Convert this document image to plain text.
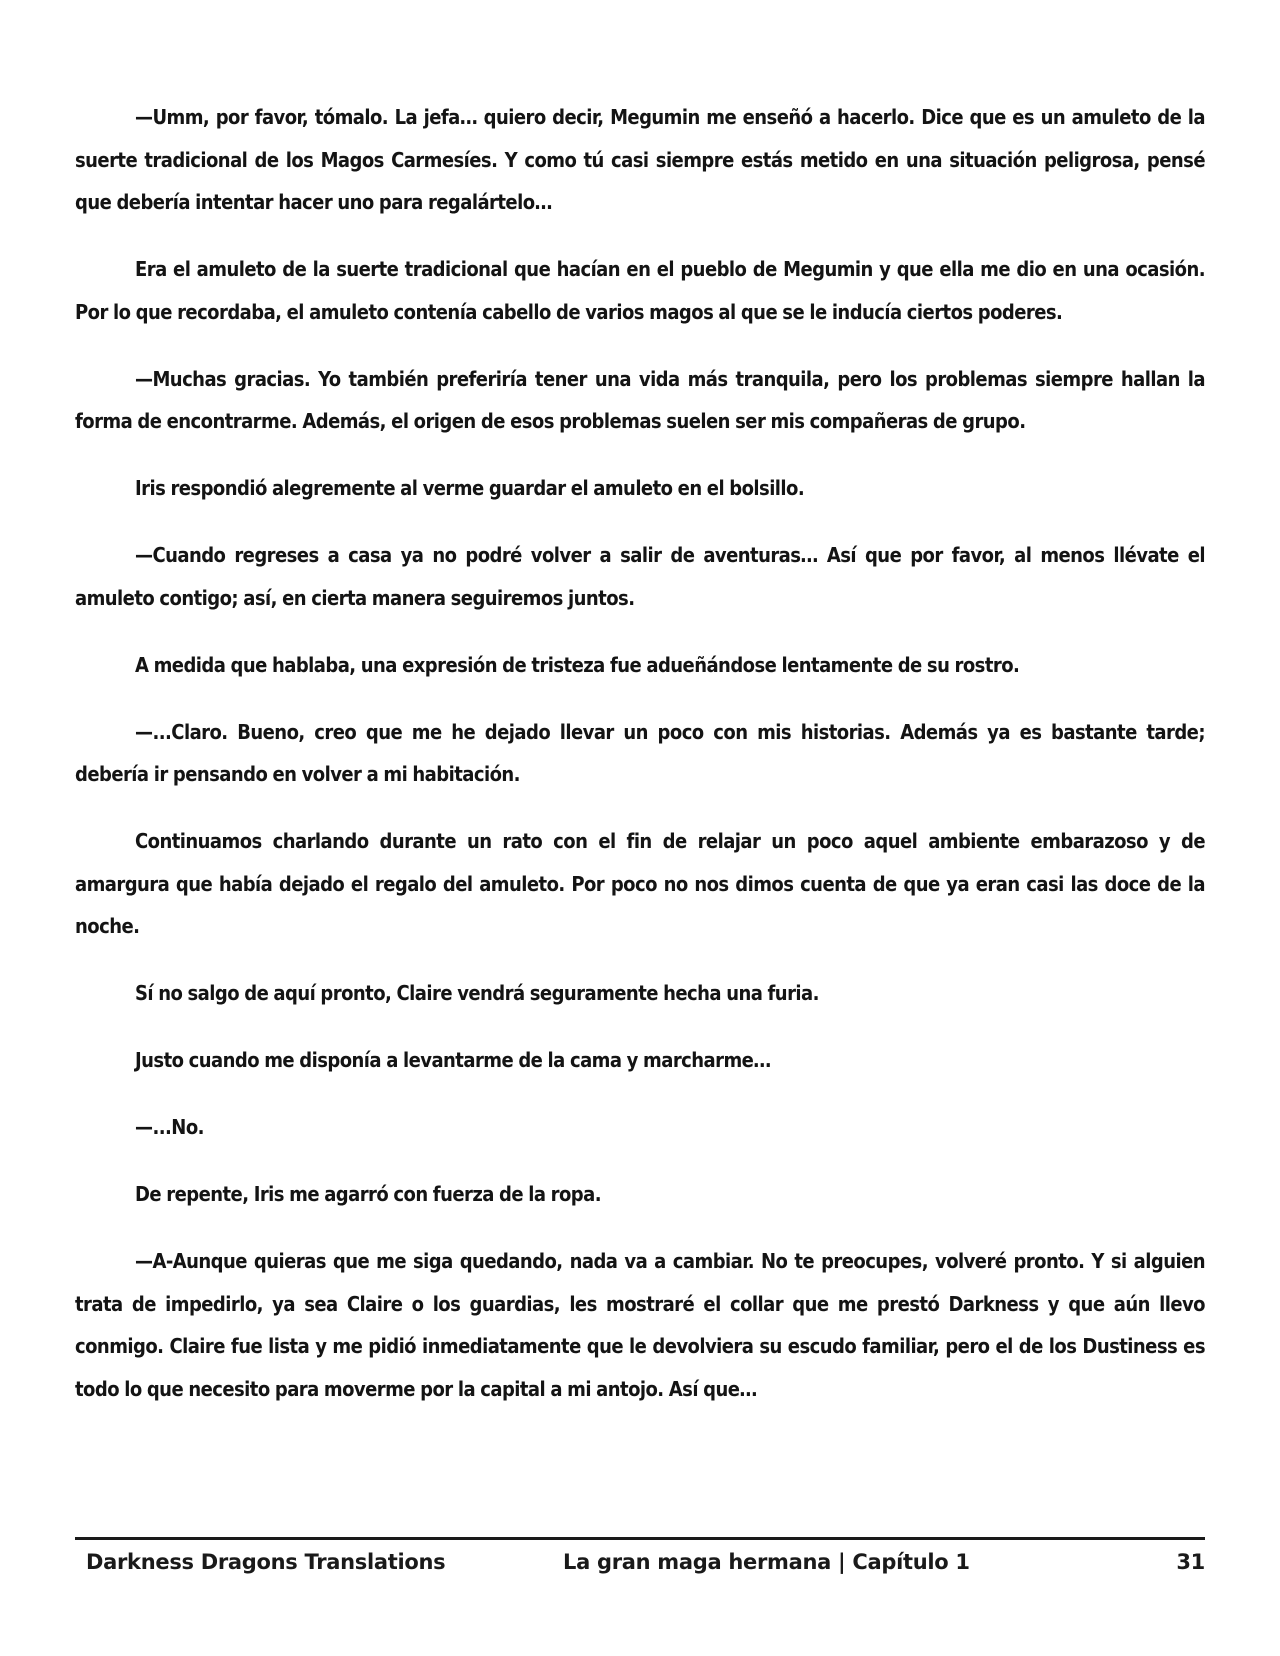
—Umm, por favor, tómalo. La jefa… quiero decir, Megumin me enseñó a hacerlo. Dice que es un amuleto de la suerte tradicional de los Magos Carmesíes. Y como tú casi siempre estás metido en una situación peligrosa, pensé que debería intentar hacer uno para regalártelo…

Era el amuleto de la suerte tradicional que hacían en el pueblo de Megumin y que ella me dio en una ocasión. Por lo que recordaba, el amuleto contenía cabello de varios magos al que se le inducía ciertos poderes.

—Muchas gracias. Yo también preferiría tener una vida más tranquila, pero los problemas siempre hallan la forma de encontrarme. Además, el origen de esos problemas suelen ser mis compañeras de grupo.

Iris respondió alegremente al verme guardar el amuleto en el bolsillo.

—Cuando regreses a casa ya no podré volver a salir de aventuras… Así que por favor, al menos llévate el amuleto contigo; así, en cierta manera seguiremos juntos.

A medida que hablaba, una expresión de tristeza fue adueñándose lentamente de su rostro.

—...Claro. Bueno, creo que me he dejado llevar un poco con mis historias. Además ya es bastante tarde; debería ir pensando en volver a mi habitación.

Continuamos charlando durante un rato con el fin de relajar un poco aquel ambiente embarazoso y de amargura que había dejado el regalo del amuleto. Por poco no nos dimos cuenta de que ya eran casi las doce de la noche.

Sí no salgo de aquí pronto, Claire vendrá seguramente hecha una furia.

Justo cuando me disponía a levantarme de la cama y marcharme…

—...No.

De repente, Iris me agarró con fuerza de la ropa.

—A-Aunque quieras que me siga quedando, nada va a cambiar. No te preocupes, volveré pronto. Y si alguien trata de impedirlo, ya sea Claire o los guardias, les mostraré el collar que me prestó Darkness y que aún llevo conmigo. Claire fue lista y me pidió inmediatamente que le devolviera su escudo familiar, pero el de los Dustiness es todo lo que necesito para moverme por la capital a mi antojo. Así que…

Darkness Dragons Translations	La gran maga hermana | Capítulo 1	31
